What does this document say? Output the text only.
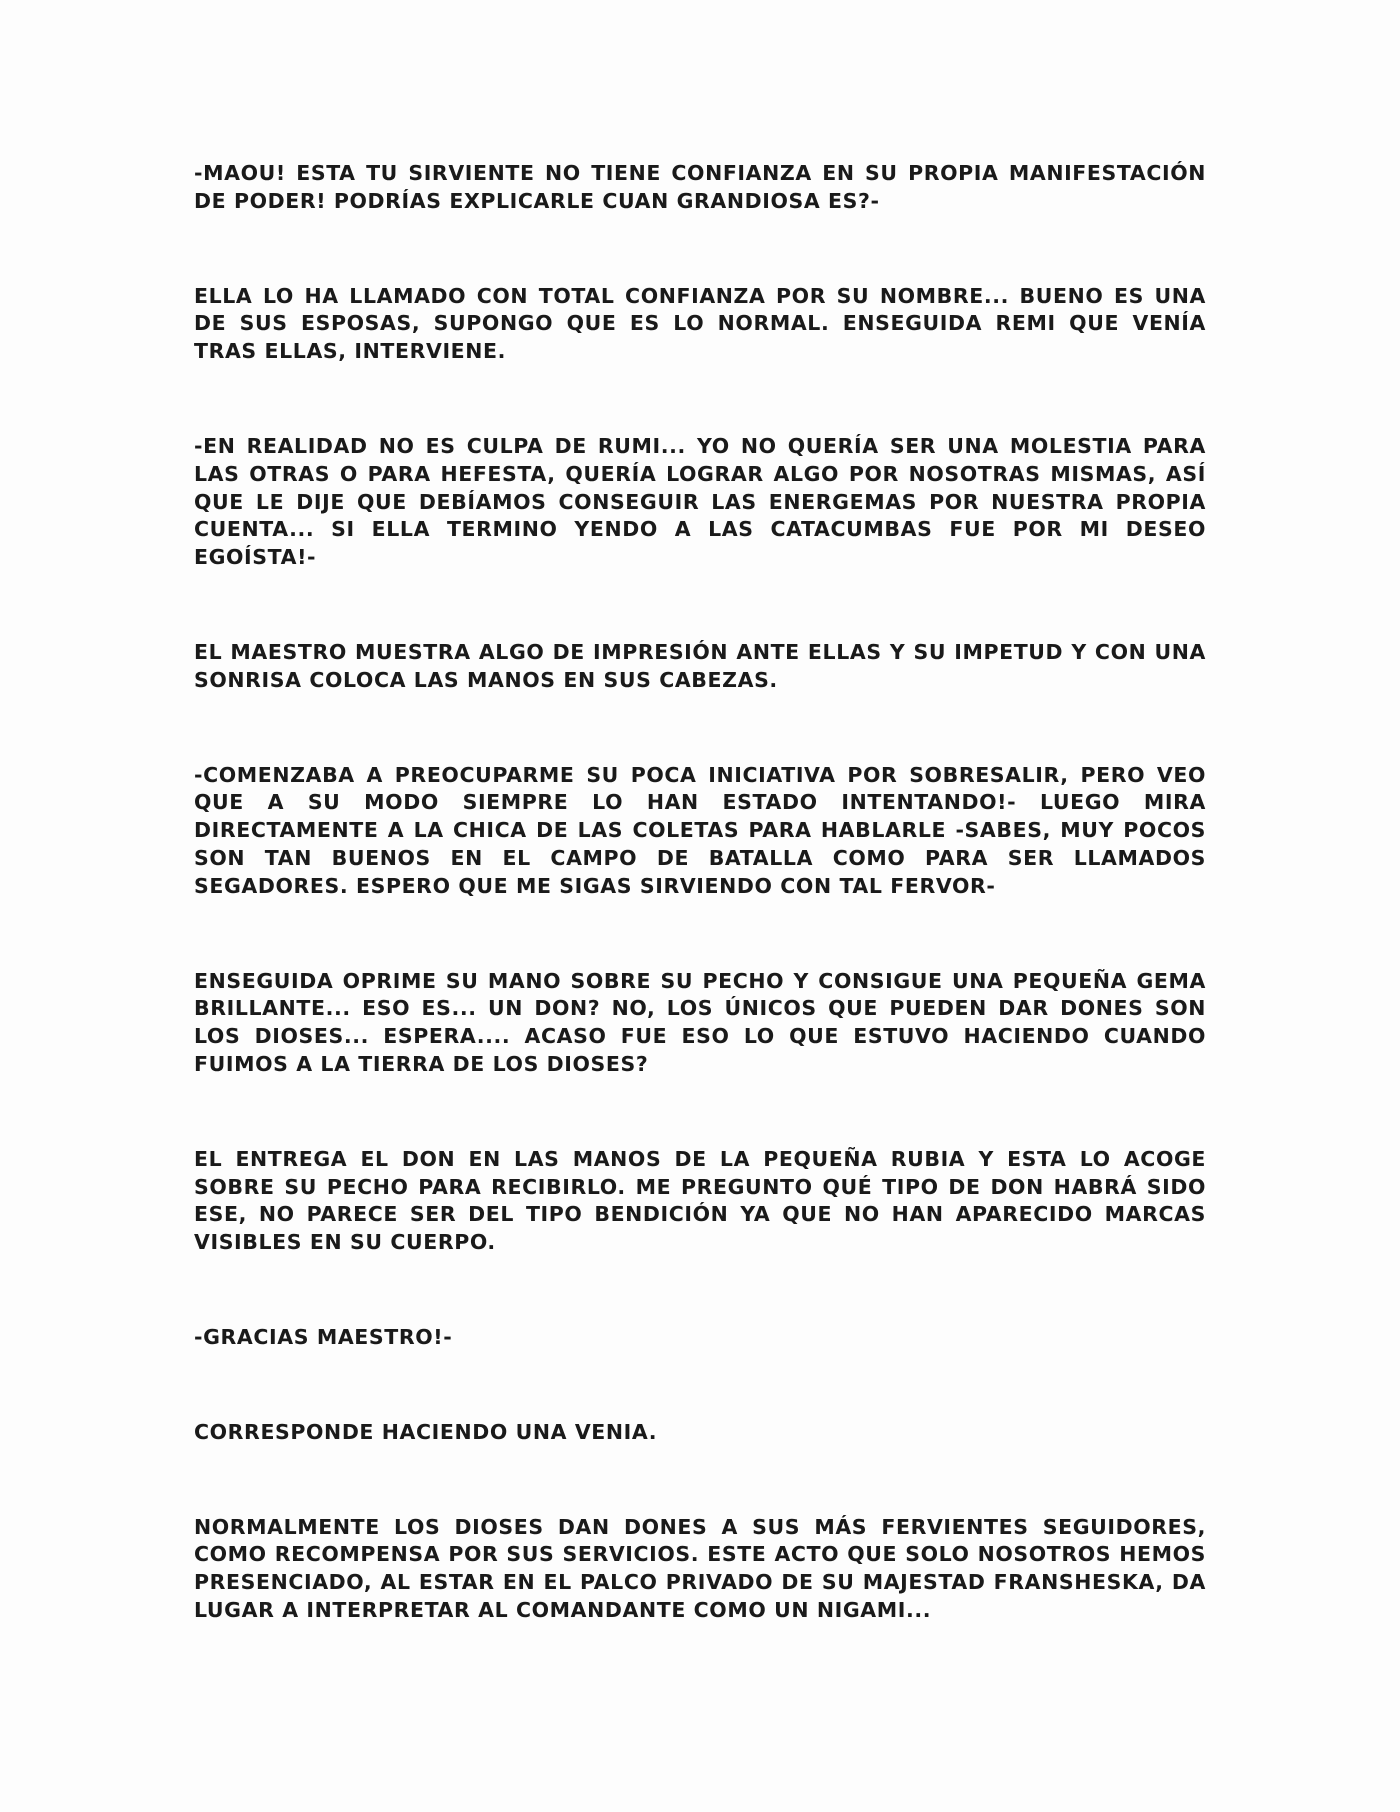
-MAOU! ESTA TU SIRVIENTE NO TIENE CONFIANZA EN SU PROPIA MANIFESTACIÓN DE PODER! PODRÍAS EXPLICARLE CUAN GRANDIOSA ES?-

ELLA LO HA LLAMADO CON TOTAL CONFIANZA POR SU NOMBRE... BUENO ES UNA DE SUS ESPOSAS, SUPONGO QUE ES LO NORMAL. ENSEGUIDA REMI QUE VENÍA TRAS ELLAS, INTERVIENE.

-EN REALIDAD NO ES CULPA DE RUMI... YO NO QUERÍA SER UNA MOLESTIA PARA LAS OTRAS O PARA HEFESTA, QUERÍA LOGRAR ALGO POR NOSOTRAS MISMAS, ASÍ QUE LE DIJE QUE DEBÍAMOS CONSEGUIR LAS ENERGEMAS POR NUESTRA PROPIA CUENTA... SI ELLA TERMINO YENDO A LAS CATACUMBAS FUE POR MI DESEO EGOÍSTA!-

EL MAESTRO MUESTRA ALGO DE IMPRESIÓN ANTE ELLAS Y SU IMPETUD Y CON UNA SONRISA COLOCA LAS MANOS EN SUS CABEZAS.

-COMENZABA A PREOCUPARME SU POCA INICIATIVA POR SOBRESALIR, PERO VEO QUE A SU MODO SIEMPRE LO HAN ESTADO INTENTANDO!- LUEGO MIRA DIRECTAMENTE A LA CHICA DE LAS COLETAS PARA HABLARLE -SABES, MUY POCOS SON TAN BUENOS EN EL CAMPO DE BATALLA COMO PARA SER LLAMADOS SEGADORES. ESPERO QUE ME SIGAS SIRVIENDO CON TAL FERVOR-

ENSEGUIDA OPRIME SU MANO SOBRE SU PECHO Y CONSIGUE UNA PEQUEÑA GEMA BRILLANTE... ESO ES... UN DON? NO, LOS ÚNICOS QUE PUEDEN DAR DONES SON LOS DIOSES... ESPERA.... ACASO FUE ESO LO QUE ESTUVO HACIENDO CUANDO FUIMOS A LA TIERRA DE LOS DIOSES?

EL ENTREGA EL DON EN LAS MANOS DE LA PEQUEÑA RUBIA Y ESTA LO ACOGE SOBRE SU PECHO PARA RECIBIRLO. ME PREGUNTO QUÉ TIPO DE DON HABRÁ SIDO ESE, NO PARECE SER DEL TIPO BENDICIÓN YA QUE NO HAN APARECIDO MARCAS VISIBLES EN SU CUERPO.

-GRACIAS MAESTRO!-

CORRESPONDE HACIENDO UNA VENIA.

NORMALMENTE LOS DIOSES DAN DONES A SUS MÁS FERVIENTES SEGUIDORES, COMO RECOMPENSA POR SUS SERVICIOS. ESTE ACTO QUE SOLO NOSOTROS HEMOS PRESENCIADO, AL ESTAR EN EL PALCO PRIVADO DE SU MAJESTAD FRANSHESKA, DA LUGAR A INTERPRETAR AL COMANDANTE COMO UN NIGAMI...
